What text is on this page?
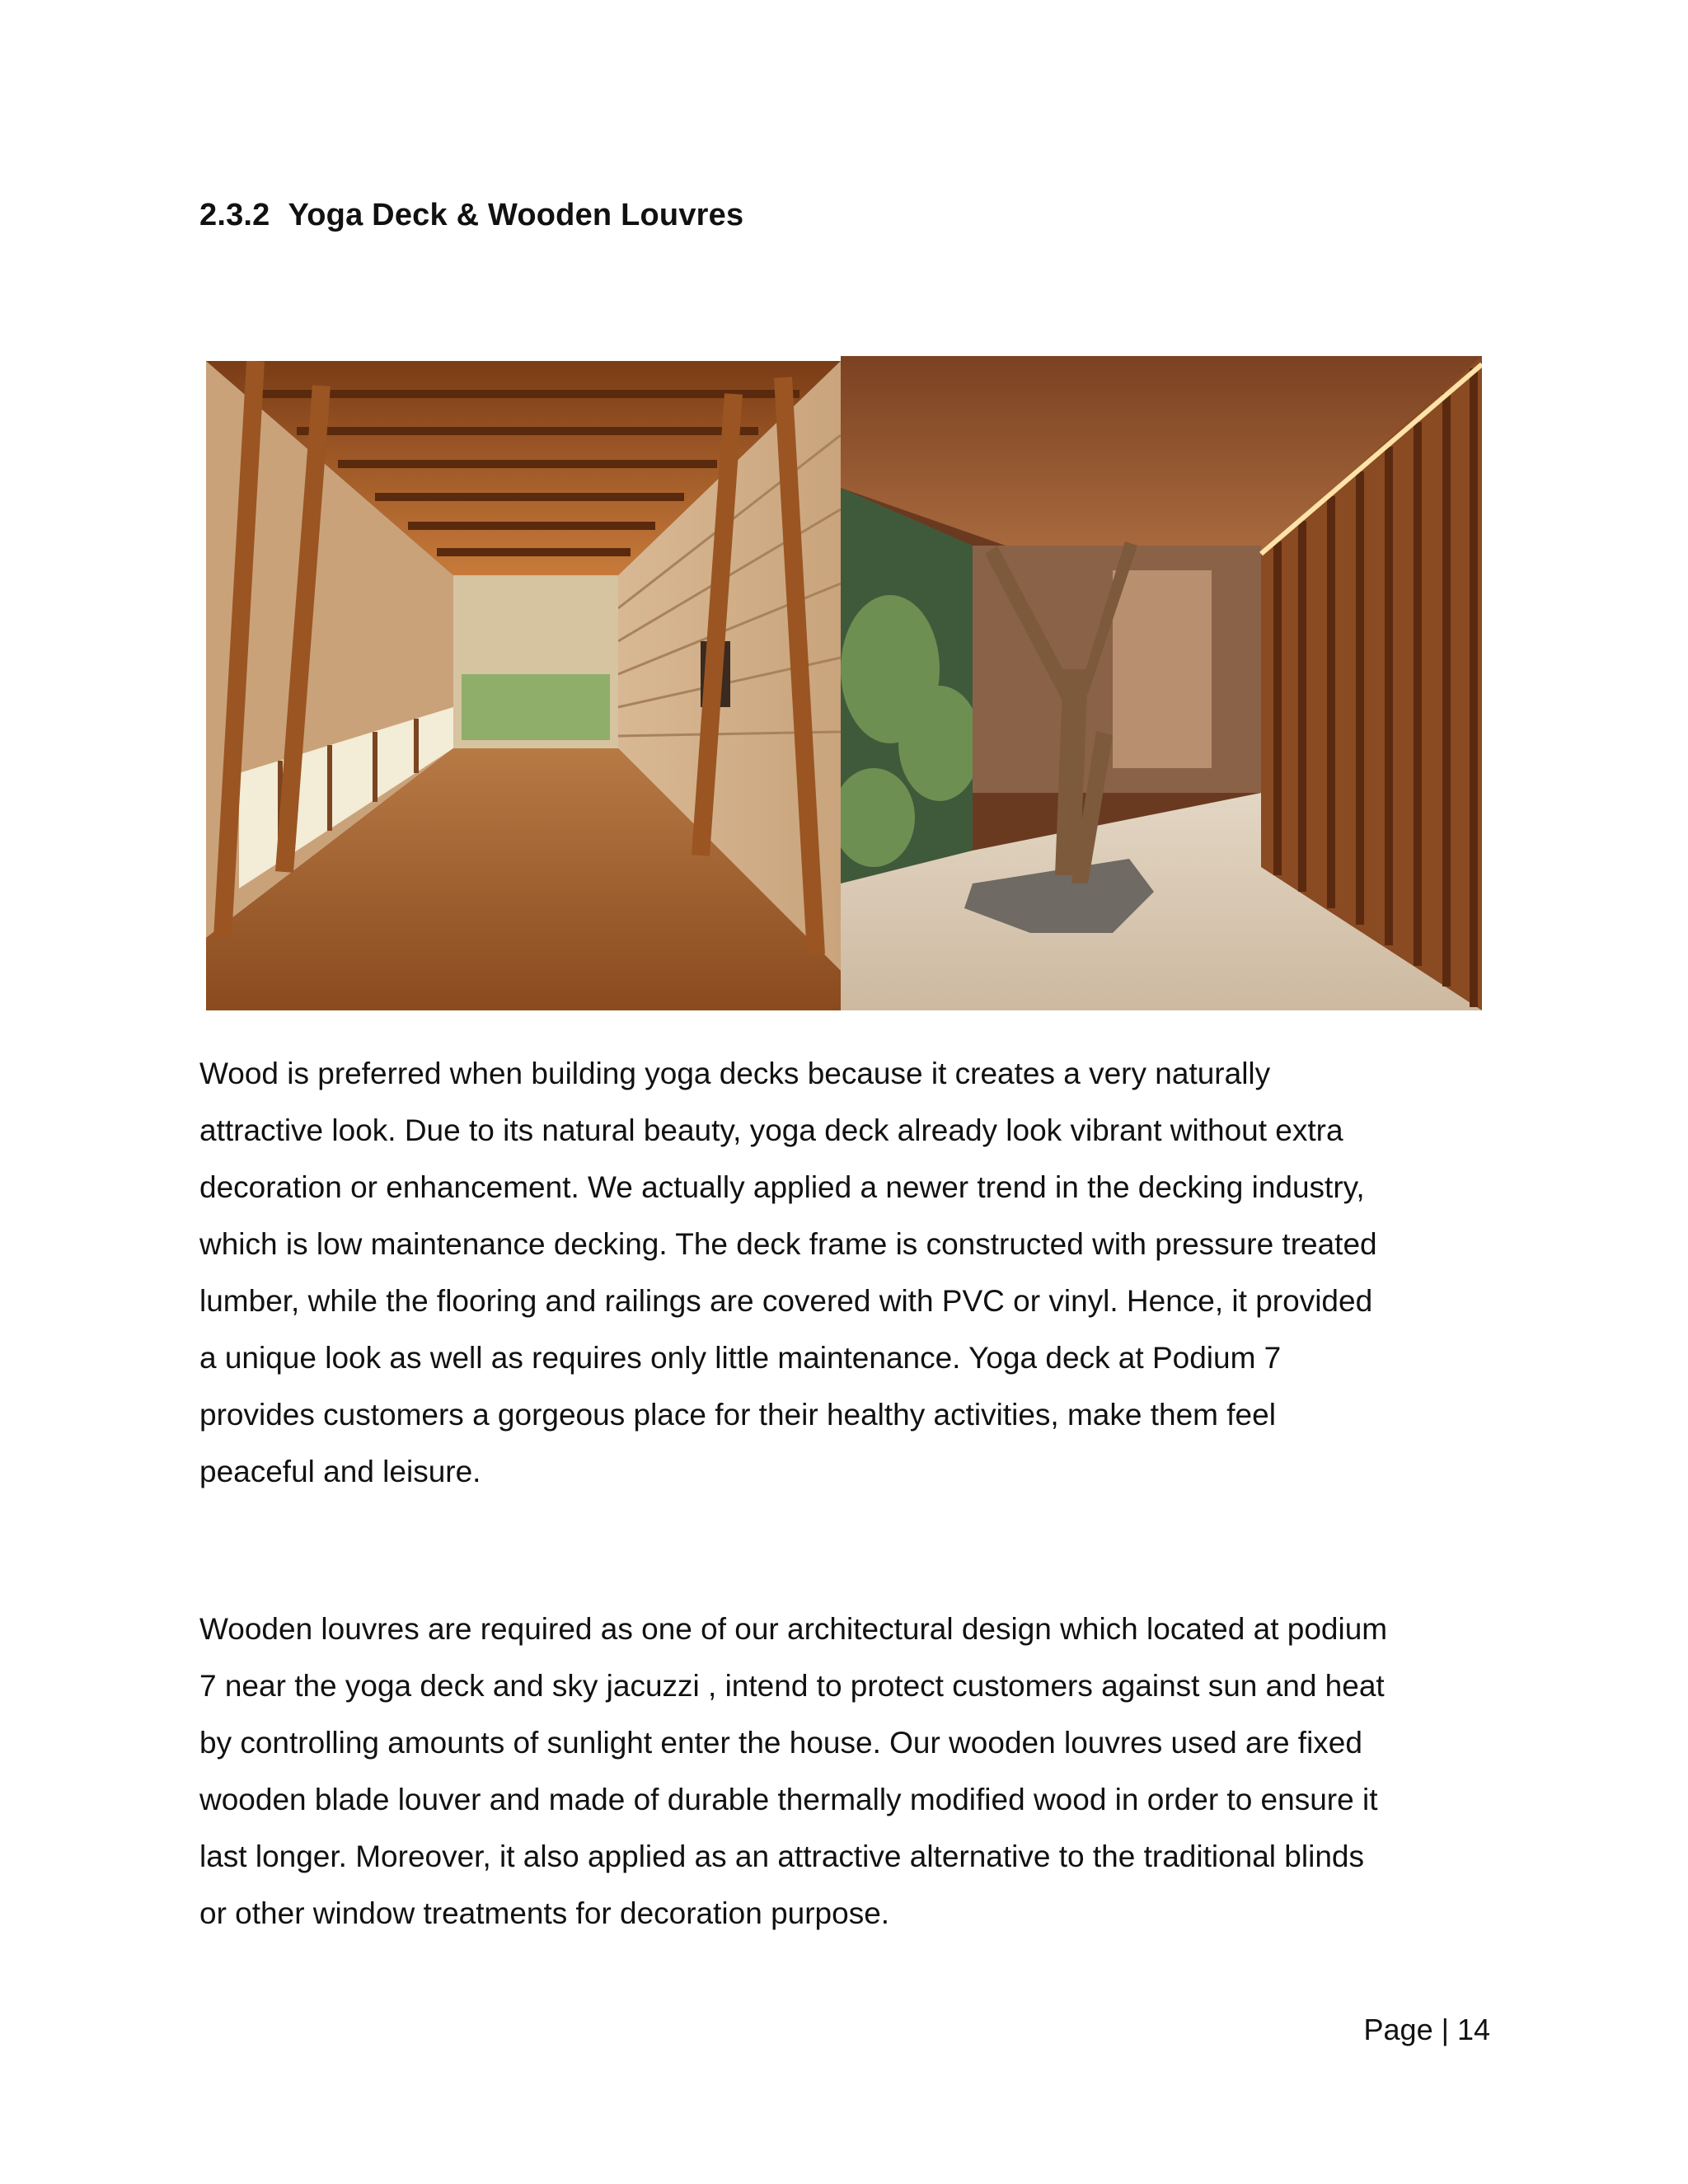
2.3.2 Yoga Deck & Wooden Louvres

Wood is preferred when building yoga decks because it creates a very naturally
attractive look. Due to its natural beauty, yoga deck already look vibrant without extra
decoration or enhancement. We actually applied a newer trend in the decking industry,
which is low maintenance decking. The deck frame is constructed with pressure treated
lumber, while the flooring and railings are covered with PVC or vinyl. Hence, it provided
a unique look as well as requires only little maintenance. Yoga deck at Podium 7
provides customers a gorgeous place for their healthy activities, make them feel
peaceful and leisure.

Wooden louvres are required as one of our architectural design which located at podium
7 near the yoga deck and sky jacuzzi , intend to protect customers against sun and heat
by controlling amounts of sunlight enter the house. Our wooden louvres used are fixed
wooden blade louver and made of durable thermally modified wood in order to ensure it
last longer. Moreover, it also applied as an attractive alternative to the traditional blinds
or other window treatments for decoration purpose.

Page | 14
